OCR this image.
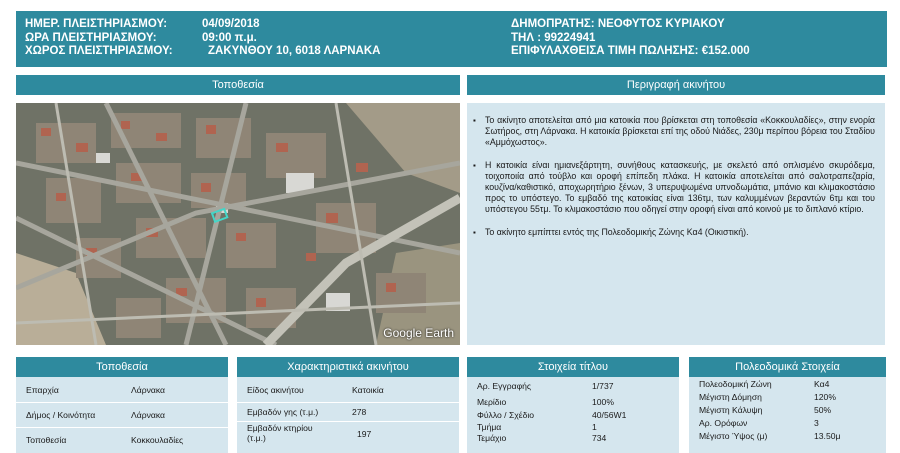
ΗΜΕΡ. ΠΛΕΙΣΤΗΡΙΑΣΜΟΥ:	04/09/2018
ΩΡΑ ΠΛΕΙΣΤΗΡΙΑΣΜΟΥ:	09:00 π.μ.
ΧΩΡΟΣ ΠΛΕΙΣΤΗΡΙΑΣΜΟΥ:	ΖΑΚΥΝΘΟΥ 10, 6018 ΛΑΡΝΑΚΑ
ΔΗΜΟΠΡΑΤΗΣ: ΝΕΟΦΥΤΟΣ ΚΥΡΙΑΚΟΥ
ΤΗΛ : 99224941
ΕΠΙΦΥΛΑΧΘΕΙΣΑ ΤΙΜΗ ΠΩΛΗΣΗΣ: €152.000
Τοποθεσία	Περιγραφή ακινήτου
Google Earth
▪ Το ακίνητο αποτελείται από μια κατοικία που βρίσκεται στη τοποθεσία «Κοκκουλαδίες», στην ενορία Σωτήρος, στη Λάρνακα. Η κατοικία βρίσκεται επί της οδού Νιάδες, 230μ περίπου βόρεια του Σταδίου «Αμμόχωστος».
▪ Η κατοικία είναι ημιανεξάρτητη, συνήθους κατασκευής, με σκελετό από οπλισμένο σκυρόδεμα, τοιχοποιία από τούβλο και οροφή επίπεδη πλάκα. Η κατοικία αποτελείται από σαλοτραπεζαρία, κουζίνα/καθιστικό, αποχωρητήριο ξένων, 3 υπερυψωμένα υπνοδωμάτια, μπάνιο και κλιμακοστάσιο προς το υπόστεγο. Το εμβαδό της κατοικίας είναι 136τμ, των καλυμμένων βεραντών 6τμ και του υπόστεγου 55τμ. Το κλιμακοστάσιο που οδηγεί στην οροφή είναι από κοινού με το διπλανό κτίριο.
▪ Το ακίνητο εμπίπτει εντός της Πολεοδομικής Ζώνης Κα4 (Οικιστική).
Τοποθεσία
Επαρχία	Λάρνακα
Δήμος / Κοινότητα	Λάρνακα
Τοποθεσία	Κοκκουλαδίες
Χαρακτηριστικά ακινήτου
Είδος ακινήτου	Κατοικία
Εμβαδόν γης (τ.μ.)	278
Εμβαδόν κτηρίου
(τ.μ.)	197
Στοιχεία τίτλου
Αρ. Εγγραφής	1/737
Μερίδιο	100%
Φύλλο / Σχέδιο	40/56W1
Τμήμα	1
Τεμάχιο	734
Πολεοδομικά Στοιχεία
Πολεοδομική Ζώνη	Κα4
Μέγιστη Δόμηση	120%
Μέγιστη Κάλυψη	50%
Αρ. Ορόφων	3
Μέγιστο Ύψος (μ)	13.50μ
